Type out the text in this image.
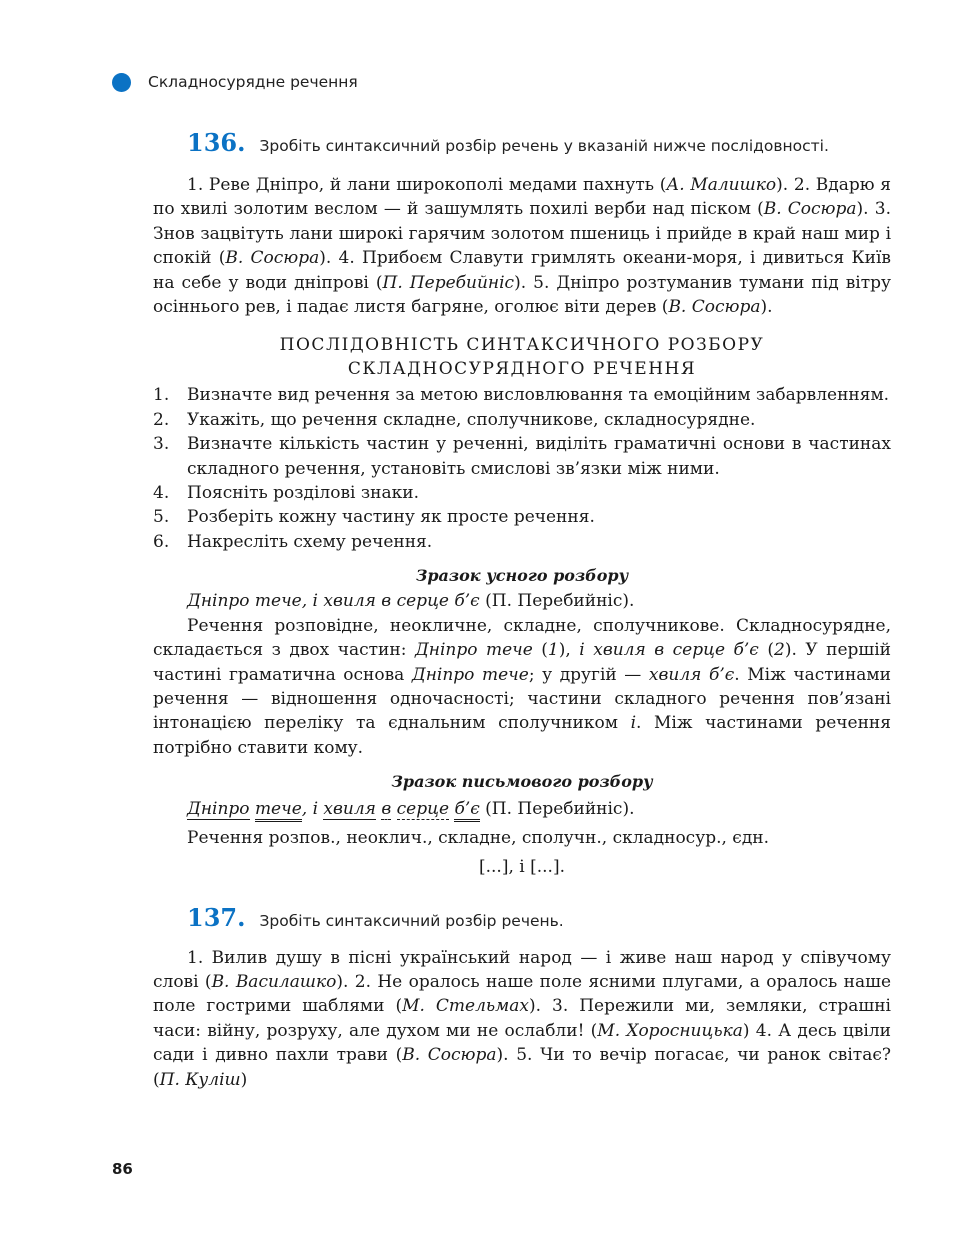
Складносурядне речення
136. Зробіть синтаксичний розбір речень у вказаній нижче послідовності.

1. Реве Дніпро, й лани широкополі медами пахнуть (А. Малишко). 2. Вдарю я по хвилі золотим веслом — й зашумлять похилі верби над піском (В. Сосюра). 3. Знов зацвітуть лани широкі гарячим золотом пшениць і прийде в край наш мир і спокій (В. Сосюра). 4. Прибоєм Славути гримлять океани-моря, і дивиться Київ на себе у води дніпрові (П. Перебийніс). 5. Дніпро розтуманив тумани під вітру осіннього рев, і падає листя багряне, оголює віти дерев (В. Сосюра).

ПОСЛІДОВНІСТЬ СИНТАКСИЧНОГО РОЗБОРУ

СКЛАДНОСУРЯДНОГО РЕЧЕННЯ

1.	Визначте вид речення за метою висловлювання та емоційним забарвленням.
2.	Укажіть, що речення складне, сполучникове, складносурядне.
3.	Визначте кількість частин у реченні, виділіть граматичні основи в частинах складного речення, установіть смислові зв’язки між ними.
4.	Поясніть розділові знаки.
5.	Розберіть кожну частину як просте речення.
6.	Накресліть схему речення.

Зразок усного розбору

Дніпро тече, і хвиля в серце б’є (П. Перебийніс).

Речення розповідне, неокличне, складне, сполучникове. Складносурядне, складається з двох частин: Дніпро тече (1), і хвиля в серце б’є (2). У першій частині граматична основа Дніпро тече; у другій — хвиля б’є. Між частинами речення — відношення одночасності; частини складного речення пов’язані інтонацією переліку та єднальним сполучником і. Між частинами речення потрібно ставити кому.

Зразок письмового розбору

Дніпро тече, і хвиля в серце б’є (П. Перебийніс).

Речення розпов., неоклич., складне, сполучн., складносур., єдн.

[...], і [...].

137. Зробіть синтаксичний розбір речень.

1. Вилив душу в пісні український народ — і живе наш народ у співучому слові (В. Василашко). 2. Не оралось наше поле ясними плугами, а оралось наше поле гострими шаблями (М. Стельмах). 3. Пережили ми, земляки, страшні часи: війну, розруху, але духом ми не ослабли! (М. Хоросницька) 4. А десь цвіли сади і дивно пахли трави (В. Сосюра). 5. Чи то вечір погасає, чи ранок світає? (П. Куліш)

86
